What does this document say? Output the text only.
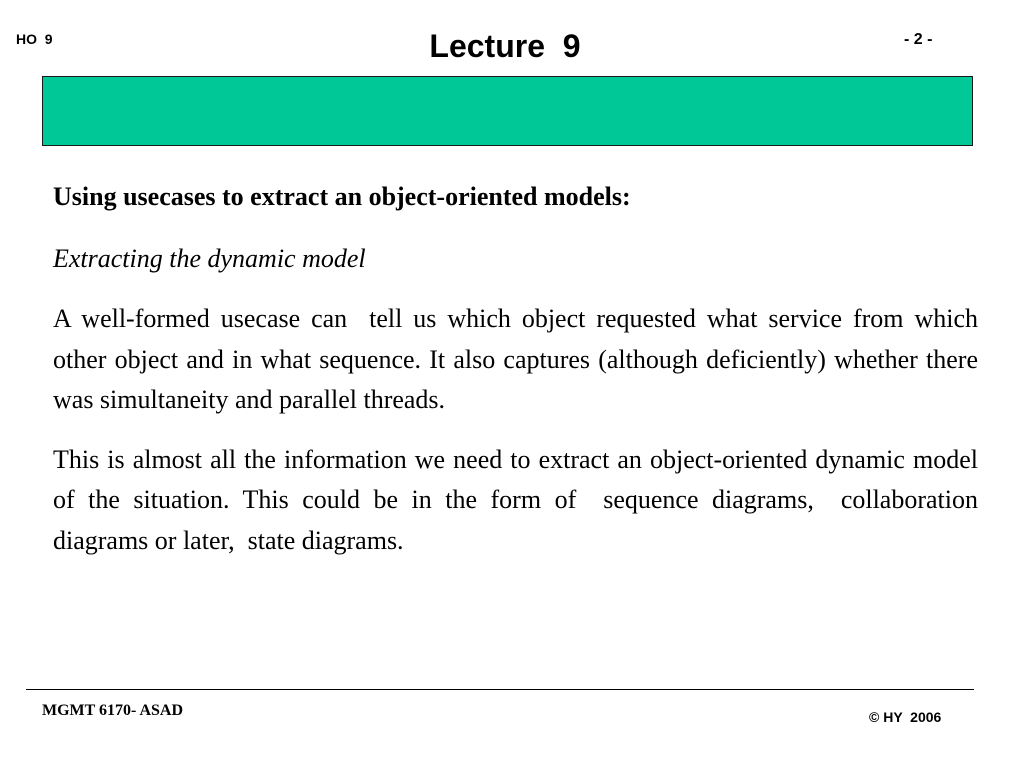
HO  9	Lecture  9	- 2 -

Using usecases to extract an object-oriented models:

Extracting the dynamic model

A well-formed usecase can  tell us which object requested what service from which other object and in what sequence. It also captures (although deficiently) whether there was simultaneity and parallel threads.

This is almost all the information we need to extract an object-oriented dynamic model of the situation. This could be in the form of  sequence diagrams,  collaboration diagrams or later,  state diagrams.

MGMT 6170- ASAD	© HY  2006
